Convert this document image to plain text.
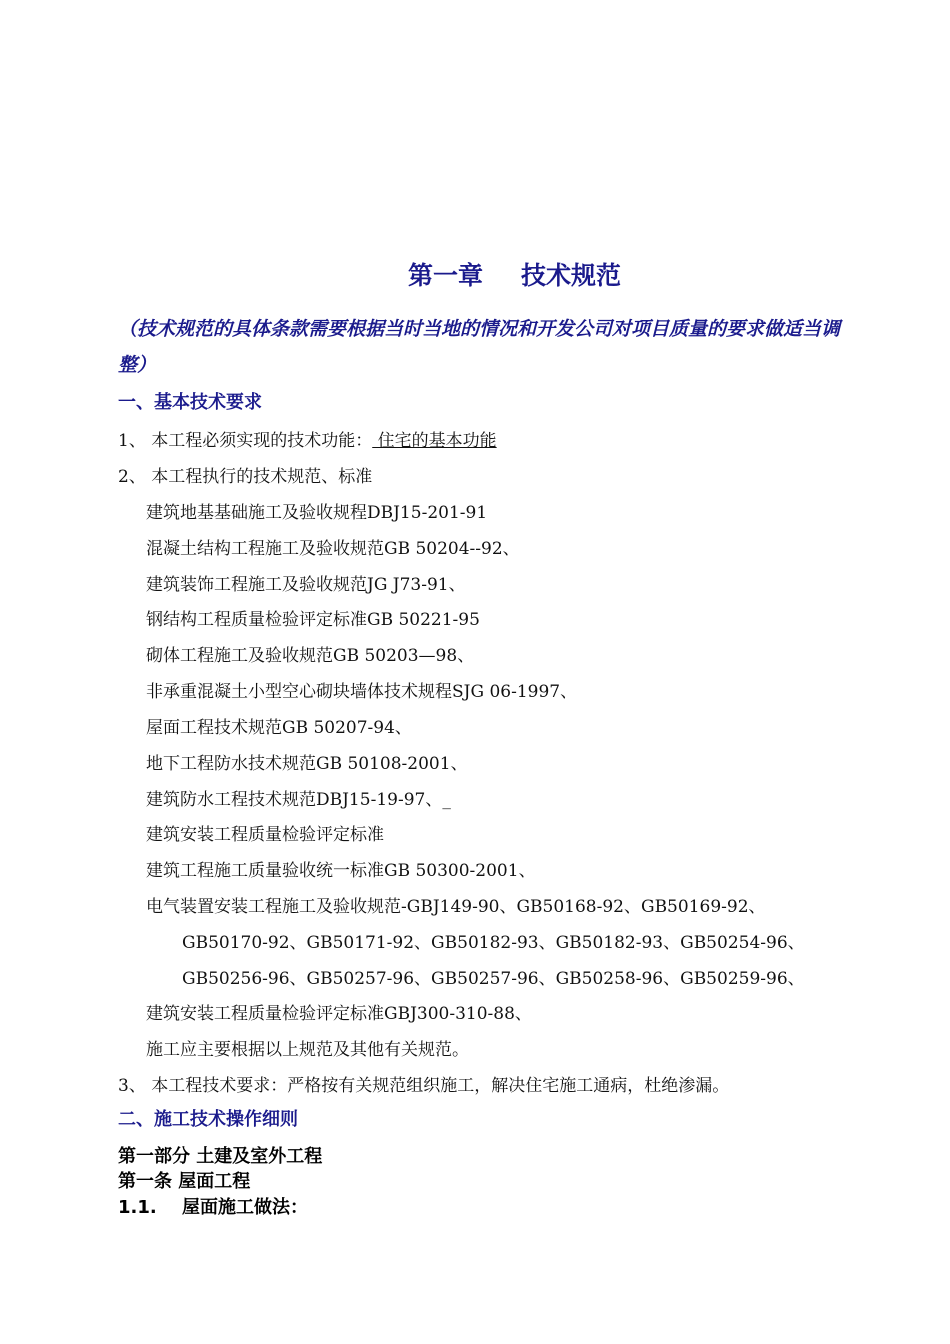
第一章 技术规范
（技术规范的具体条款需要根据当时当地的情况和开发公司对项目质量的要求做适当调
整）
一、基本技术要求
1、 本工程必须实现的技术功能： 住宅的基本功能
2、 本工程执行的技术规范、标准
建筑地基基础施工及验收规程DBJ15-201-91
混凝土结构工程施工及验收规范GB 50204--92、
建筑装饰工程施工及验收规范JG J73-91、
钢结构工程质量检验评定标准GB 50221-95
砌体工程施工及验收规范GB 50203—98、
非承重混凝土小型空心砌块墙体技术规程SJG 06-1997、
屋面工程技术规范GB 50207-94、
地下工程防水技术规范GB 50108-2001、
建筑防水工程技术规范DBJ15-19-97、_
建筑安装工程质量检验评定标准
建筑工程施工质量验收统一标准GB 50300-2001、
电气装置安装工程施工及验收规范-GBJ149-90、GB50168-92、GB50169-92、
GB50170-92、GB50171-92、GB50182-93、GB50182-93、GB50254-96、
GB50256-96、GB50257-96、GB50257-96、GB50258-96、GB50259-96、
建筑安装工程质量检验评定标准GBJ300-310-88、
施工应主要根据以上规范及其他有关规范。
3、 本工程技术要求：严格按有关规范组织施工，解决住宅施工通病，杜绝渗漏。
二、施工技术操作细则
第一部分 土建及室外工程
第一条 屋面工程
1.1. 屋面施工做法：
